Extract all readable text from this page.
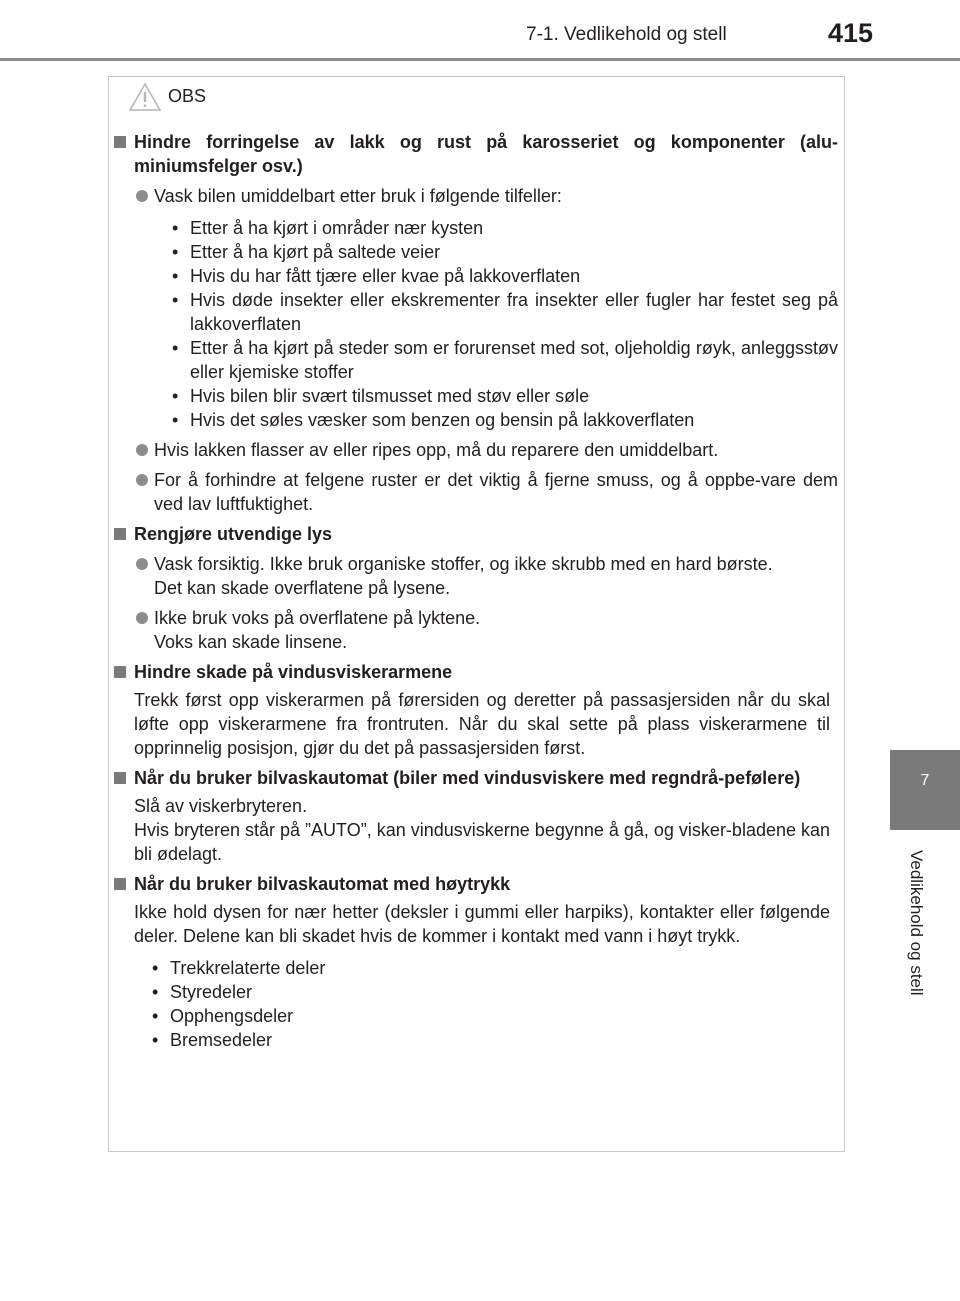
7-1. Vedlikehold og stell	415
7
Vedlikehold og stell
OBS
Hindre forringelse av lakk og rust på karosseriet og komponenter (alu-miniumsfelger osv.)
Vask bilen umiddelbart etter bruk i følgende tilfeller:
• Etter å ha kjørt i områder nær kysten
• Etter å ha kjørt på saltede veier
• Hvis du har fått tjære eller kvae på lakkoverflaten
• Hvis døde insekter eller ekskrementer fra insekter eller fugler har festet seg på lakkoverflaten
• Etter å ha kjørt på steder som er forurenset med sot, oljeholdig røyk, anleggsstøv eller kjemiske stoffer
• Hvis bilen blir svært tilsmusset med støv eller søle
• Hvis det søles væsker som benzen og bensin på lakkoverflaten
Hvis lakken flasser av eller ripes opp, må du reparere den umiddelbart.
For å forhindre at felgene ruster er det viktig å fjerne smuss, og å oppbe-vare dem ved lav luftfuktighet.
Rengjøre utvendige lys
Vask forsiktig. Ikke bruk organiske stoffer, og ikke skrubb med en hard børste.
Det kan skade overflatene på lysene.
Ikke bruk voks på overflatene på lyktene.
Voks kan skade linsene.
Hindre skade på vindusviskerarmene
Trekk først opp viskerarmen på førersiden og deretter på passasjersiden når du skal løfte opp viskerarmene fra frontruten. Når du skal sette på plass viskerarmene til opprinnelig posisjon, gjør du det på passasjersiden først.
Når du bruker bilvaskautomat (biler med vindusviskere med regndrå-pefølere)
Slå av viskerbryteren.
Hvis bryteren står på ”AUTO”, kan vindusviskerne begynne å gå, og visker-bladene kan bli ødelagt.
Når du bruker bilvaskautomat med høytrykk
Ikke hold dysen for nær hetter (deksler i gummi eller harpiks), kontakter eller følgende deler. Delene kan bli skadet hvis de kommer i kontakt med vann i høyt trykk.
• Trekkrelaterte deler
• Styredeler
• Opphengsdeler
• Bremsedeler
